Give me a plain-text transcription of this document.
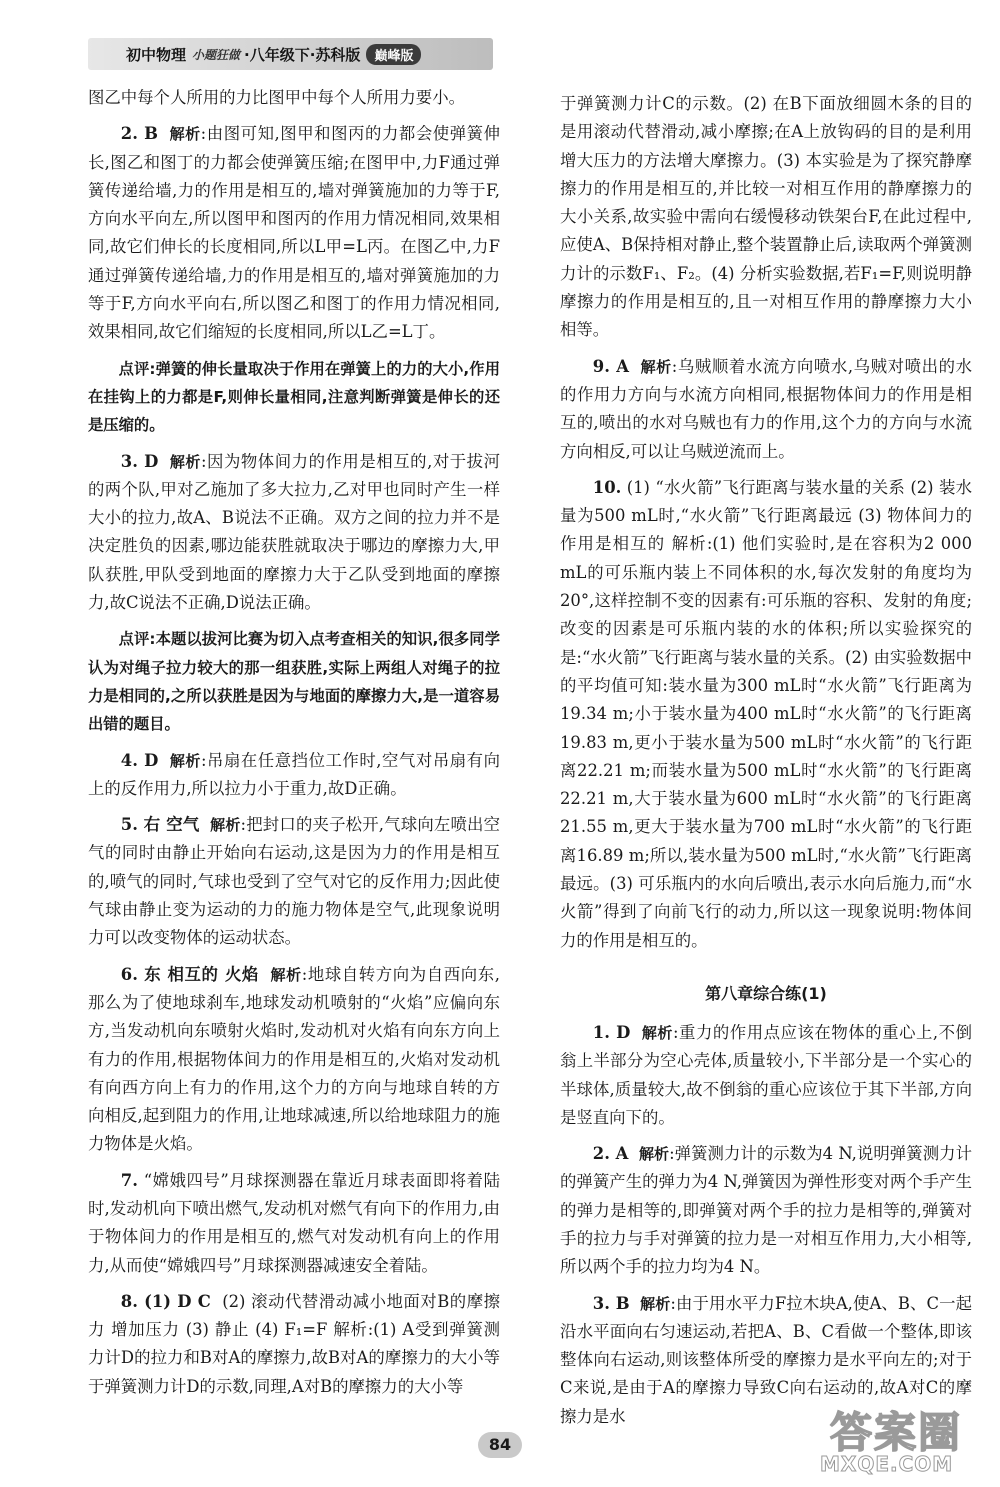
初中物理 小题狂做 ·八年级下·苏科版	巅峰版

图乙中每个人所用的力比图甲中每个人所用力要小。

2. B 解析:由图可知,图甲和图丙的力都会使弹簧伸长,图乙和图丁的力都会使弹簧压缩;在图甲中,力F通过弹簧传递给墙,力的作用是相互的,墙对弹簧施加的力等于F,方向水平向左,所以图甲和图丙的作用力情况相同,效果相同,故它们伸长的长度相同,所以L甲=L丙。在图乙中,力F通过弹簧传递给墙,力的作用是相互的,墙对弹簧施加的力等于F,方向水平向右,所以图乙和图丁的作用力情况相同,效果相同,故它们缩短的长度相同,所以L乙=L丁。

点评:弹簧的伸长量取决于作用在弹簧上的力的大小,作用在挂钩上的力都是F,则伸长量相同,注意判断弹簧是伸长的还是压缩的。

3. D 解析:因为物体间力的作用是相互的,对于拔河的两个队,甲对乙施加了多大拉力,乙对甲也同时产生一样大小的拉力,故A、B说法不正确。双方之间的拉力并不是决定胜负的因素,哪边能获胜就取决于哪边的摩擦力大,甲队获胜,甲队受到地面的摩擦力大于乙队受到地面的摩擦力,故C说法不正确,D说法正确。

点评:本题以拔河比赛为切入点考查相关的知识,很多同学认为对绳子拉力较大的那一组获胜,实际上两组人对绳子的拉力是相同的,之所以获胜是因为与地面的摩擦力大,是一道容易出错的题目。

4. D 解析:吊扇在任意挡位工作时,空气对吊扇有向上的反作用力,所以拉力小于重力,故D正确。

5. 右 空气 解析:把封口的夹子松开,气球向左喷出空气的同时由静止开始向右运动,这是因为力的作用是相互的,喷气的同时,气球也受到了空气对它的反作用力;因此使气球由静止变为运动的力的施力物体是空气,此现象说明力可以改变物体的运动状态。

6. 东 相互的 火焰 解析:地球自转方向为自西向东,那么为了使地球刹车,地球发动机喷射的“火焰”应偏向东方,当发动机向东喷射火焰时,发动机对火焰有向东方向上有力的作用,根据物体间力的作用是相互的,火焰对发动机有向西方向上有力的作用,这个力的方向与地球自转的方向相反,起到阻力的作用,让地球减速,所以给地球阻力的施力物体是火焰。

7. “嫦娥四号”月球探测器在靠近月球表面即将着陆时,发动机向下喷出燃气,发动机对燃气有向下的作用力,由于物体间力的作用是相互的,燃气对发动机有向上的作用力,从而使“嫦娥四号”月球探测器减速安全着陆。

8. (1) D C (2) 滚动代替滑动减小地面对B的摩擦力 增加压力 (3) 静止 (4) F₁=F 解析:(1) A受到弹簧测力计D的拉力和B对A的摩擦力,故B对A的摩擦力的大小等于弹簧测力计D的示数,同理,A对B的摩擦力的大小等

于弹簧测力计C的示数。(2) 在B下面放细圆木条的目的是用滚动代替滑动,减小摩擦;在A上放钩码的目的是利用增大压力的方法增大摩擦力。(3) 本实验是为了探究静摩擦力的作用是相互的,并比较一对相互作用的静摩擦力的大小关系,故实验中需向右缓慢移动铁架台F,在此过程中,应使A、B保持相对静止,整个装置静止后,读取两个弹簧测力计的示数F₁、F₂。(4) 分析实验数据,若F₁=F,则说明静摩擦力的作用是相互的,且一对相互作用的静摩擦力大小相等。

9. A 解析:乌贼顺着水流方向喷水,乌贼对喷出的水的作用力方向与水流方向相同,根据物体间力的作用是相互的,喷出的水对乌贼也有力的作用,这个力的方向与水流方向相反,可以让乌贼逆流而上。

10. (1) “水火箭”飞行距离与装水量的关系 (2) 装水量为500 mL时,“水火箭”飞行距离最远 (3) 物体间力的作用是相互的 解析:(1) 他们实验时,是在容积为2 000 mL的可乐瓶内装上不同体积的水,每次发射的角度均为20°,这样控制不变的因素有:可乐瓶的容积、发射的角度;改变的因素是可乐瓶内装的水的体积;所以实验探究的是:“水火箭”飞行距离与装水量的关系。(2) 由实验数据中的平均值可知:装水量为300 mL时“水火箭”飞行距离为19.34 m;小于装水量为400 mL时“水火箭”的飞行距离19.83 m,更小于装水量为500 mL时“水火箭”的飞行距离22.21 m;而装水量为500 mL时“水火箭”的飞行距离22.21 m,大于装水量为600 mL时“水火箭”的飞行距离21.55 m,更大于装水量为700 mL时“水火箭”的飞行距离16.89 m;所以,装水量为500 mL时,“水火箭”飞行距离最远。(3) 可乐瓶内的水向后喷出,表示水向后施力,而“水火箭”得到了向前飞行的动力,所以这一现象说明:物体间力的作用是相互的。

第八章综合练(1)

1. D 解析:重力的作用点应该在物体的重心上,不倒翁上半部分为空心壳体,质量较小,下半部分是一个实心的半球体,质量较大,故不倒翁的重心应该位于其下半部,方向是竖直向下的。

2. A 解析:弹簧测力计的示数为4 N,说明弹簧测力计的弹簧产生的弹力为4 N,弹簧因为弹性形变对两个手产生的弹力是相等的,即弹簧对两个手的拉力是相等的,弹簧对手的拉力与手对弹簧的拉力是一对相互作用力,大小相等,所以两个手的拉力均为4 N。

3. B 解析:由于用水平力F拉木块A,使A、B、C一起沿水平面向右匀速运动,若把A、B、C看做一个整体,即该整体向右运动,则该整体所受的摩擦力是水平向左的;对于C来说,是由于A的摩擦力导致C向右运动的,故A对C的摩擦力是水

84	答案圈
MXQE.COM
